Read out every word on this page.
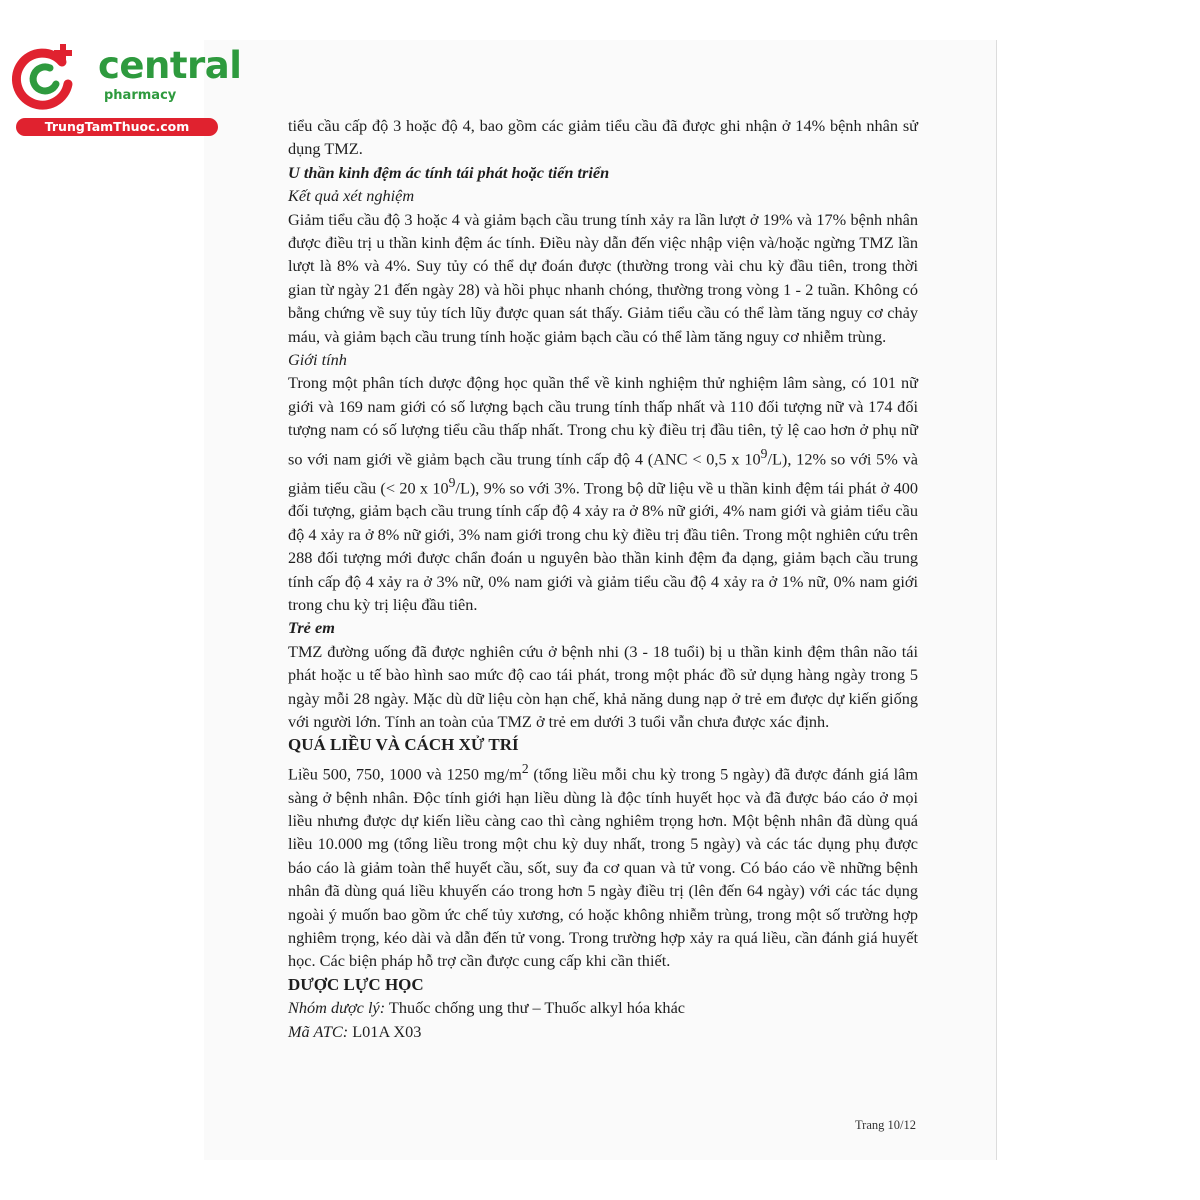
central
pharmacy
TrungTamThuoc.com	tiểu cầu cấp độ 3 hoặc độ 4, bao gồm các giảm tiểu cầu đã được ghi nhận ở 14% bệnh nhân sử dụng TMZ.

U thần kinh đệm ác tính tái phát hoặc tiến triển

Kết quả xét nghiệm

Giảm tiểu cầu độ 3 hoặc 4 và giảm bạch cầu trung tính xảy ra lần lượt ở 19% và 17% bệnh nhân được điều trị u thần kinh đệm ác tính. Điều này dẫn đến việc nhập viện và/hoặc ngừng TMZ lần lượt là 8% và 4%. Suy tủy có thể dự đoán được (thường trong vài chu kỳ đầu tiên, trong thời gian từ ngày 21 đến ngày 28) và hồi phục nhanh chóng, thường trong vòng 1 - 2 tuần. Không có bằng chứng về suy tủy tích lũy được quan sát thấy. Giảm tiểu cầu có thể làm tăng nguy cơ chảy máu, và giảm bạch cầu trung tính hoặc giảm bạch cầu có thể làm tăng nguy cơ nhiễm trùng.

Giới tính

Trong một phân tích dược động học quần thể về kinh nghiệm thử nghiệm lâm sàng, có 101 nữ giới và 169 nam giới có số lượng bạch cầu trung tính thấp nhất và 110 đối tượng nữ và 174 đối tượng nam có số lượng tiểu cầu thấp nhất. Trong chu kỳ điều trị đầu tiên, tỷ lệ cao hơn ở phụ nữ so với nam giới về giảm bạch cầu trung tính cấp độ 4 (ANC < 0,5 x $10^9/L$), 12% so với 5% và giảm tiểu cầu (< 20 x $10^9/L$), 9% so với 3%. Trong bộ dữ liệu về u thần kinh đệm tái phát ở 400 đối tượng, giảm bạch cầu trung tính cấp độ 4 xảy ra ở 8% nữ giới, 4% nam giới và giảm tiểu cầu độ 4 xảy ra ở 8% nữ giới, 3% nam giới trong chu kỳ điều trị đầu tiên. Trong một nghiên cứu trên 288 đối tượng mới được chẩn đoán u nguyên bào thần kinh đệm đa dạng, giảm bạch cầu trung tính cấp độ 4 xảy ra ở 3% nữ, 0% nam giới và giảm tiểu cầu độ 4 xảy ra ở 1% nữ, 0% nam giới trong chu kỳ trị liệu đầu tiên.

Trẻ em

TMZ đường uống đã được nghiên cứu ở bệnh nhi (3 - 18 tuổi) bị u thần kinh đệm thân não tái phát hoặc u tế bào hình sao mức độ cao tái phát, trong một phác đồ sử dụng hàng ngày trong 5 ngày mỗi 28 ngày. Mặc dù dữ liệu còn hạn chế, khả năng dung nạp ở trẻ em được dự kiến giống với người lớn. Tính an toàn của TMZ ở trẻ em dưới 3 tuổi vẫn chưa được xác định.

QUÁ LIỀU VÀ CÁCH XỬ TRÍ

Liều 500, 750, 1000 và 1250 $mg/m^2$ (tổng liều mỗi chu kỳ trong 5 ngày) đã được đánh giá lâm sàng ở bệnh nhân. Độc tính giới hạn liều dùng là độc tính huyết học và đã được báo cáo ở mọi liều nhưng được dự kiến liều càng cao thì càng nghiêm trọng hơn. Một bệnh nhân đã dùng quá liều 10.000 mg (tổng liều trong một chu kỳ duy nhất, trong 5 ngày) và các tác dụng phụ được báo cáo là giảm toàn thể huyết cầu, sốt, suy đa cơ quan và tử vong. Có báo cáo về những bệnh nhân đã dùng quá liều khuyến cáo trong hơn 5 ngày điều trị (lên đến 64 ngày) với các tác dụng ngoài ý muốn bao gồm ức chế tủy xương, có hoặc không nhiễm trùng, trong một số trường hợp nghiêm trọng, kéo dài và dẫn đến tử vong. Trong trường hợp xảy ra quá liều, cần đánh giá huyết học. Các biện pháp hỗ trợ cần được cung cấp khi cần thiết.

DƯỢC LỰC HỌC

Nhóm dược lý: Thuốc chống ung thư – Thuốc alkyl hóa khác

Mã ATC: L01A X03

Trang 10/12
